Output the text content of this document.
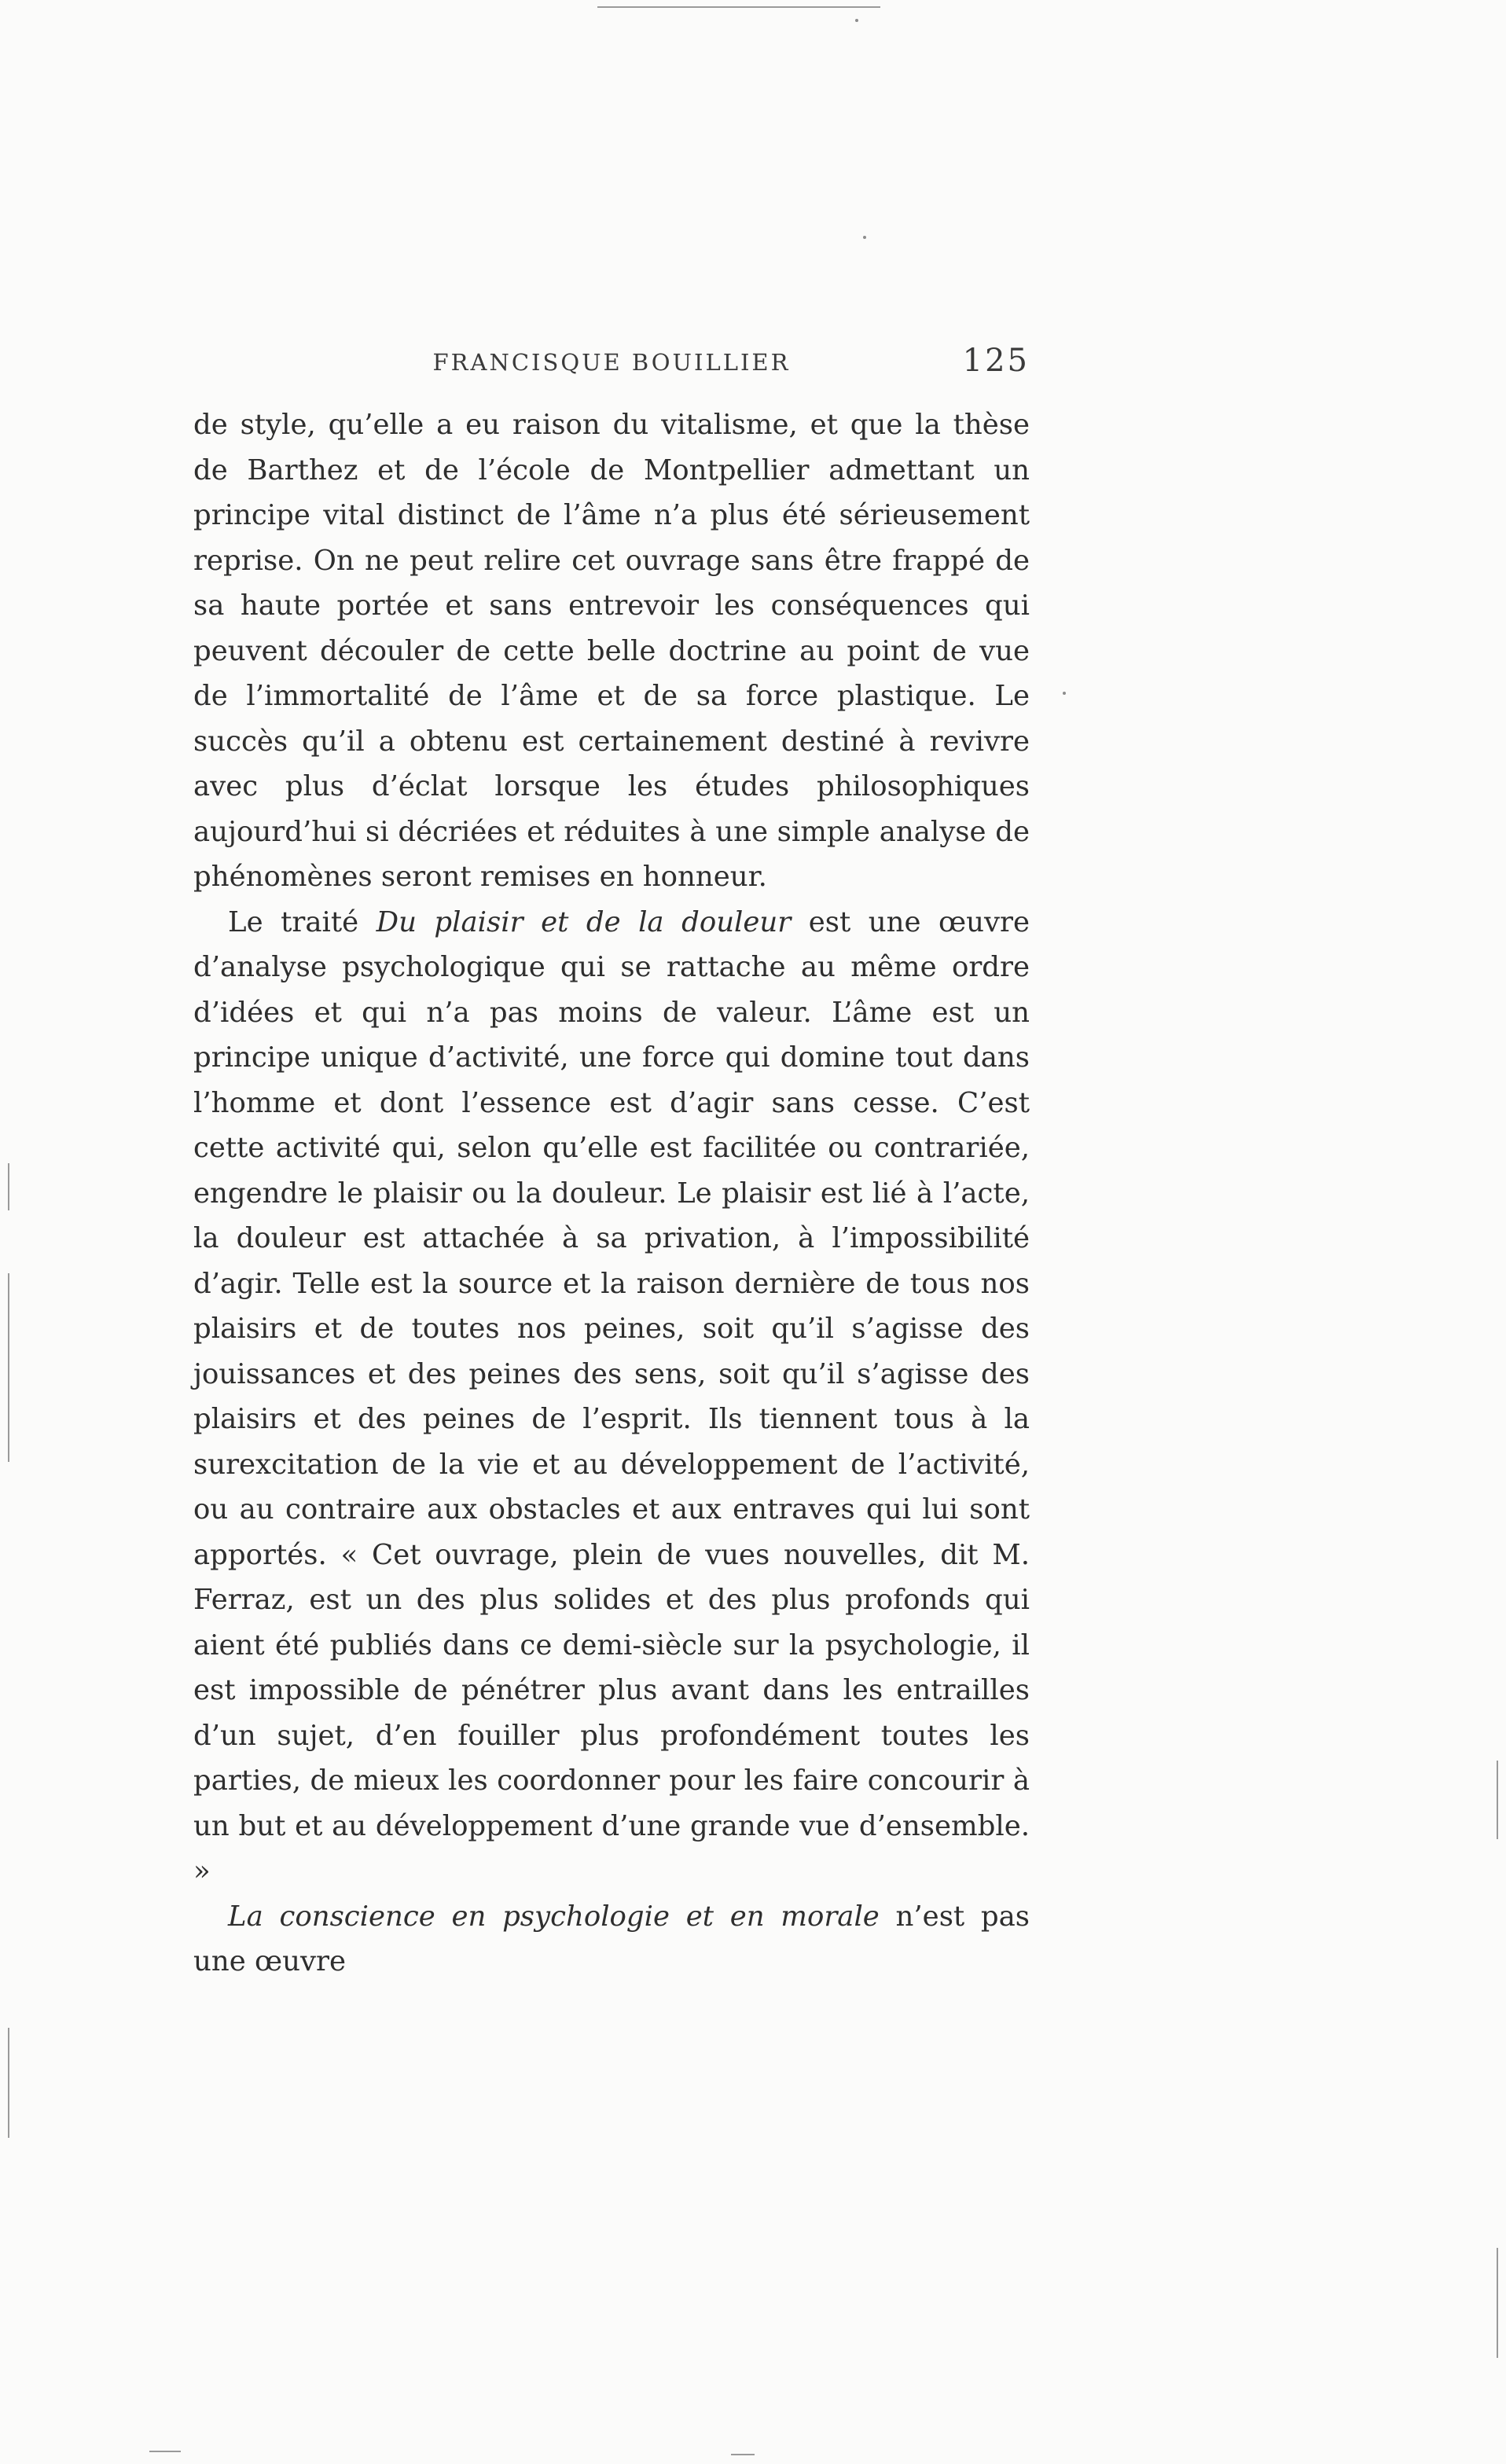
FRANCISQUE BOUILLIER	125

de style, qu’elle a eu raison du vitalisme, et que la thèse de Barthez et de l’école de Montpellier admettant un principe vital distinct de l’âme n’a plus été sérieusement reprise. On ne peut relire cet ouvrage sans être frappé de sa haute portée et sans entrevoir les conséquences qui peuvent découler de cette belle doctrine au point de vue de l’immortalité de l’âme et de sa force plastique. Le succès qu’il a obtenu est certainement destiné à revivre avec plus d’éclat lorsque les études philosophiques aujourd’hui si décriées et réduites à une simple analyse de phénomènes seront remises en honneur.

Le traité Du plaisir et de la douleur est une œuvre d’analyse psychologique qui se rattache au même ordre d’idées et qui n’a pas moins de valeur. L’âme est un principe unique d’activité, une force qui domine tout dans l’homme et dont l’essence est d’agir sans cesse. C’est cette activité qui, selon qu’elle est facilitée ou contrariée, engendre le plaisir ou la douleur. Le plaisir est lié à l’acte, la douleur est attachée à sa privation, à l’impossibilité d’agir. Telle est la source et la raison dernière de tous nos plaisirs et de toutes nos peines, soit qu’il s’agisse des jouissances et des peines des sens, soit qu’il s’agisse des plaisirs et des peines de l’esprit. Ils tiennent tous à la surexcitation de la vie et au développement de l’activité, ou au contraire aux obstacles et aux entraves qui lui sont apportés. « Cet ouvrage, plein de vues nouvelles, dit M. Ferraz, est un des plus solides et des plus profonds qui aient été publiés dans ce demi-siècle sur la psychologie, il est impossible de pénétrer plus avant dans les entrailles d’un sujet, d’en fouiller plus profondément toutes les parties, de mieux les coordonner pour les faire concourir à un but et au développement d’une grande vue d’ensemble. »

La conscience en psychologie et en morale n’est pas une œuvre
